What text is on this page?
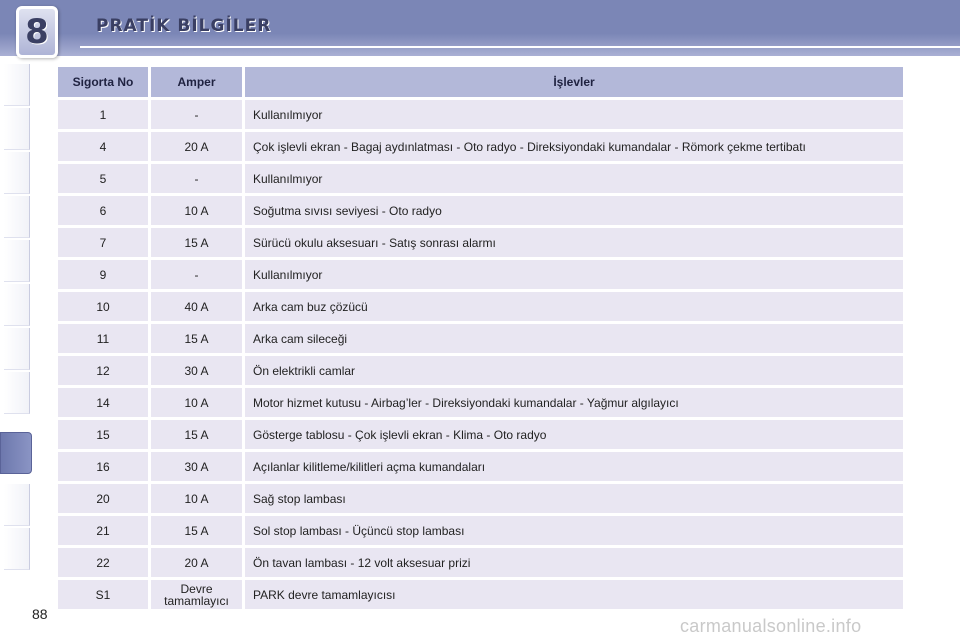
8	PRATİK BİLGİLER
Sigorta No	Amper	İşlevler
1	-	Kullanılmıyor
4	20 A	Çok işlevli ekran - Bagaj aydınlatması - Oto radyo - Direksiyondaki kumandalar - Römork çekme tertibatı
5	-	Kullanılmıyor
6	10 A	Soğutma sıvısı seviyesi - Oto radyo
7	15 A	Sürücü okulu aksesuarı - Satış sonrası alarmı
9	-	Kullanılmıyor
10	40 A	Arka cam buz çözücü
11	15 A	Arka cam sileceği
12	30 A	Ön elektrikli camlar
14	10 A	Motor hizmet kutusu - Airbag’ler - Direksiyondaki kumandalar - Yağmur algılayıcı
15	15 A	Gösterge tablosu - Çok işlevli ekran - Klima - Oto radyo
16	30 A	Açılanlar kilitleme/kilitleri açma kumandaları
20	10 A	Sağ stop lambası
21	15 A	Sol stop lambası - Üçüncü stop lambası
22	20 A	Ön tavan lambası - 12 volt aksesuar prizi
S1	Devre tamamlayıcı	PARK devre tamamlayıcısı
88
carmanualsonline.info
